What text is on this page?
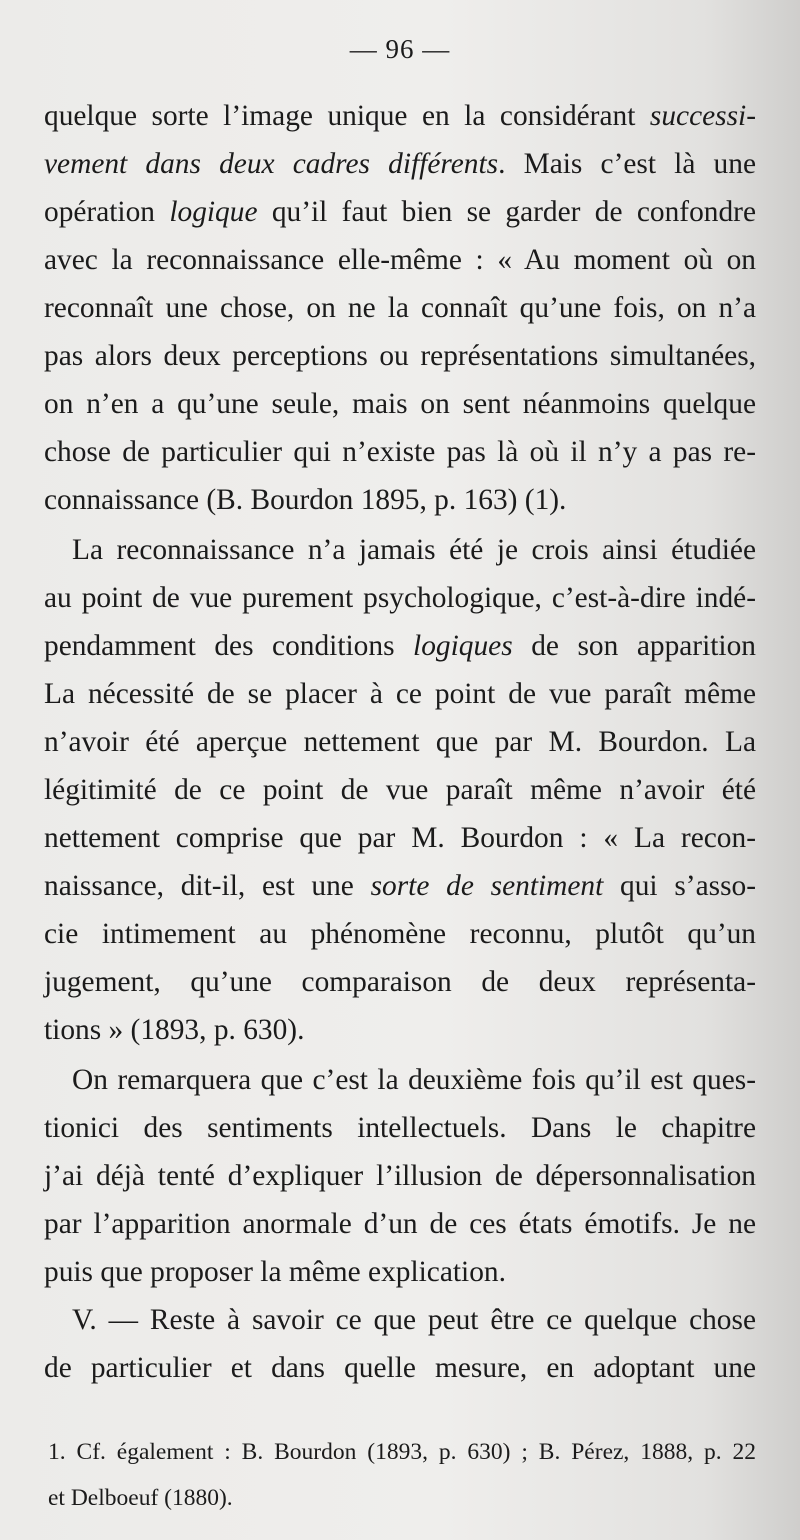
— 96 —
quelque sorte l’image unique en la considérant successi-
vement dans deux cadres différents. Mais c’est là une
opération logique qu’il faut bien se garder de confondre
avec la reconnaissance elle-même : « Au moment où on
reconnaît une chose, on ne la connaît qu’une fois, on n’a
pas alors deux perceptions ou représentations simultanées,
on n’en a qu’une seule, mais on sent néanmoins quelque
chose de particulier qui n’existe pas là où il n’y a pas re-
connaissance (B. Bourdon 1895, p. 163) (1).
La reconnaissance n’a jamais été je crois ainsi étudiée
au point de vue purement psychologique, c’est-à-dire indé-
pendamment des conditions logiques de son apparition
La nécessité de se placer à ce point de vue paraît même
n’avoir été aperçue nettement que par M. Bourdon. La
légitimité de ce point de vue paraît même n’avoir été
nettement comprise que par M. Bourdon : « La recon-
naissance, dit-il, est une sorte de sentiment qui s’asso-
cie intimement au phénomène reconnu, plutôt qu’un
jugement, qu’une comparaison de deux représenta-
tions » (1893, p. 630).
On remarquera que c’est la deuxième fois qu’il est ques-
tionici des sentiments intellectuels. Dans le chapitre
j’ai déjà tenté d’expliquer l’illusion de dépersonnalisation
par l’apparition anormale d’un de ces états émotifs. Je ne
puis que proposer la même explication.
V. — Reste à savoir ce que peut être ce quelque chose
de particulier et dans quelle mesure, en adoptant une
1. Cf. également : B. Bourdon (1893, p. 630) ; B. Pérez, 1888, p. 22
et Delboeuf (1880).
